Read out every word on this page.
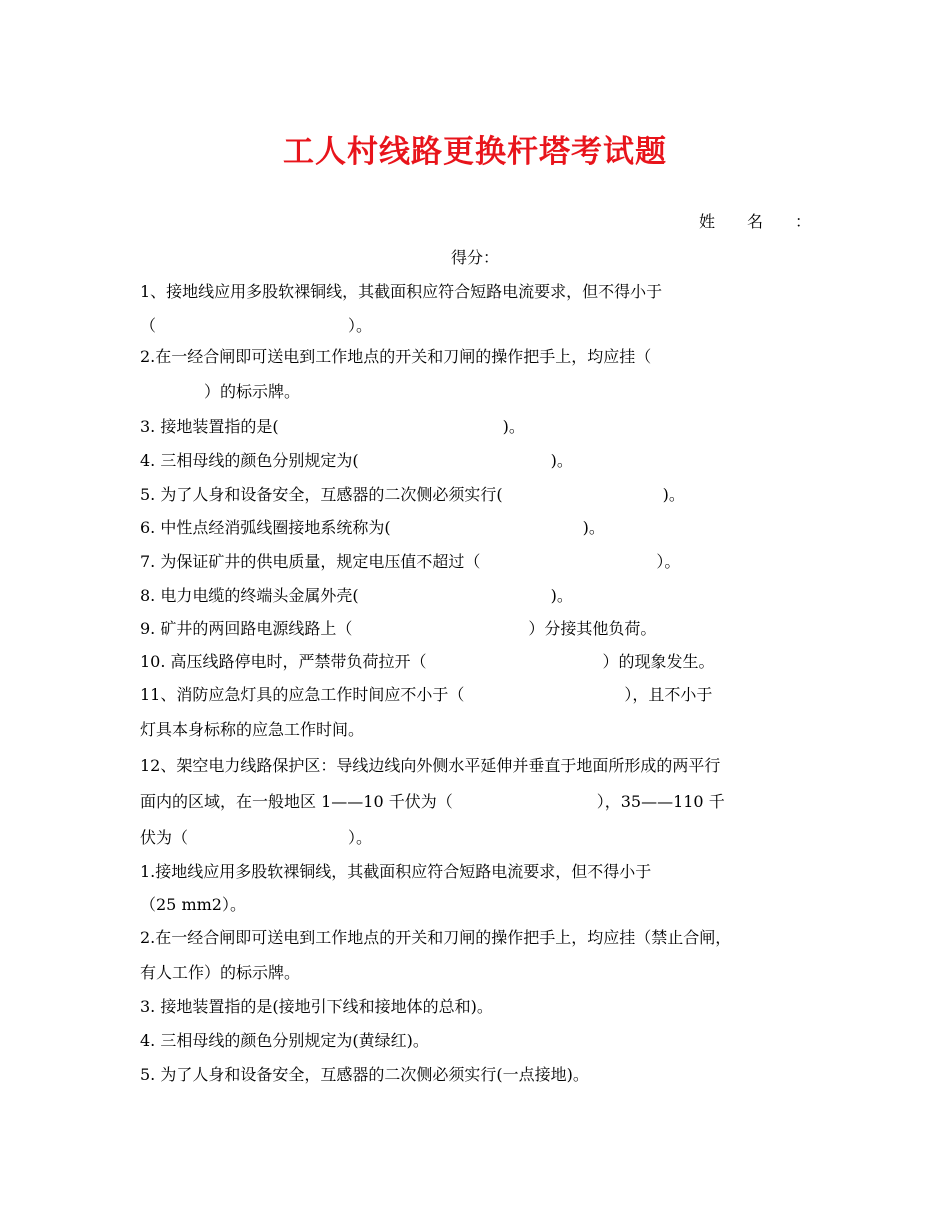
工人村线路更换杆塔考试题
姓　　名　　：
得分：
1、接地线应用多股软裸铜线，其截面积应符合短路电流要求，但不得小于
（　　　　　　　　　　　　）。
2.在一经合闸即可送电到工作地点的开关和刀闸的操作把手上，均应挂（
　　　　）的标示牌。
3. 接地装置指的是(　　　　　　　　　　　　　　)。
4. 三相母线的颜色分别规定为(　　　　　　　　　　　　)。
5. 为了人身和设备安全，互感器的二次侧必须实行(　　　　　　　　　　)。
6. 中性点经消弧线圈接地系统称为(　　　　　　　　　　　　)。
7. 为保证矿井的供电质量，规定电压值不超过（　　　　　　　　　　　）。
8. 电力电缆的终端头金属外壳(　　　　　　　　　　　　)。
9. 矿井的两回路电源线路上（　　　　　　　　　　　）分接其他负荷。
10. 高压线路停电时，严禁带负荷拉开（　　　　　　　　　　　）的现象发生。
11、消防应急灯具的应急工作时间应不小于（　　　　　　　　　　），且不小于
灯具本身标称的应急工作时间。
12、架空电力线路保护区：导线边线向外侧水平延伸并垂直于地面所形成的两平行
面内的区域，在一般地区 1——10 千伏为（　　　　　　　　　），35——110 千
伏为（　　　　　　　　　　）。
1.接地线应用多股软裸铜线，其截面积应符合短路电流要求，但不得小于
（25 mm2）。
2.在一经合闸即可送电到工作地点的开关和刀闸的操作把手上，均应挂（禁止合闸，
有人工作）的标示牌。
3. 接地装置指的是(接地引下线和接地体的总和)。
4. 三相母线的颜色分别规定为(黄绿红)。
5. 为了人身和设备安全，互感器的二次侧必须实行(一点接地)。
